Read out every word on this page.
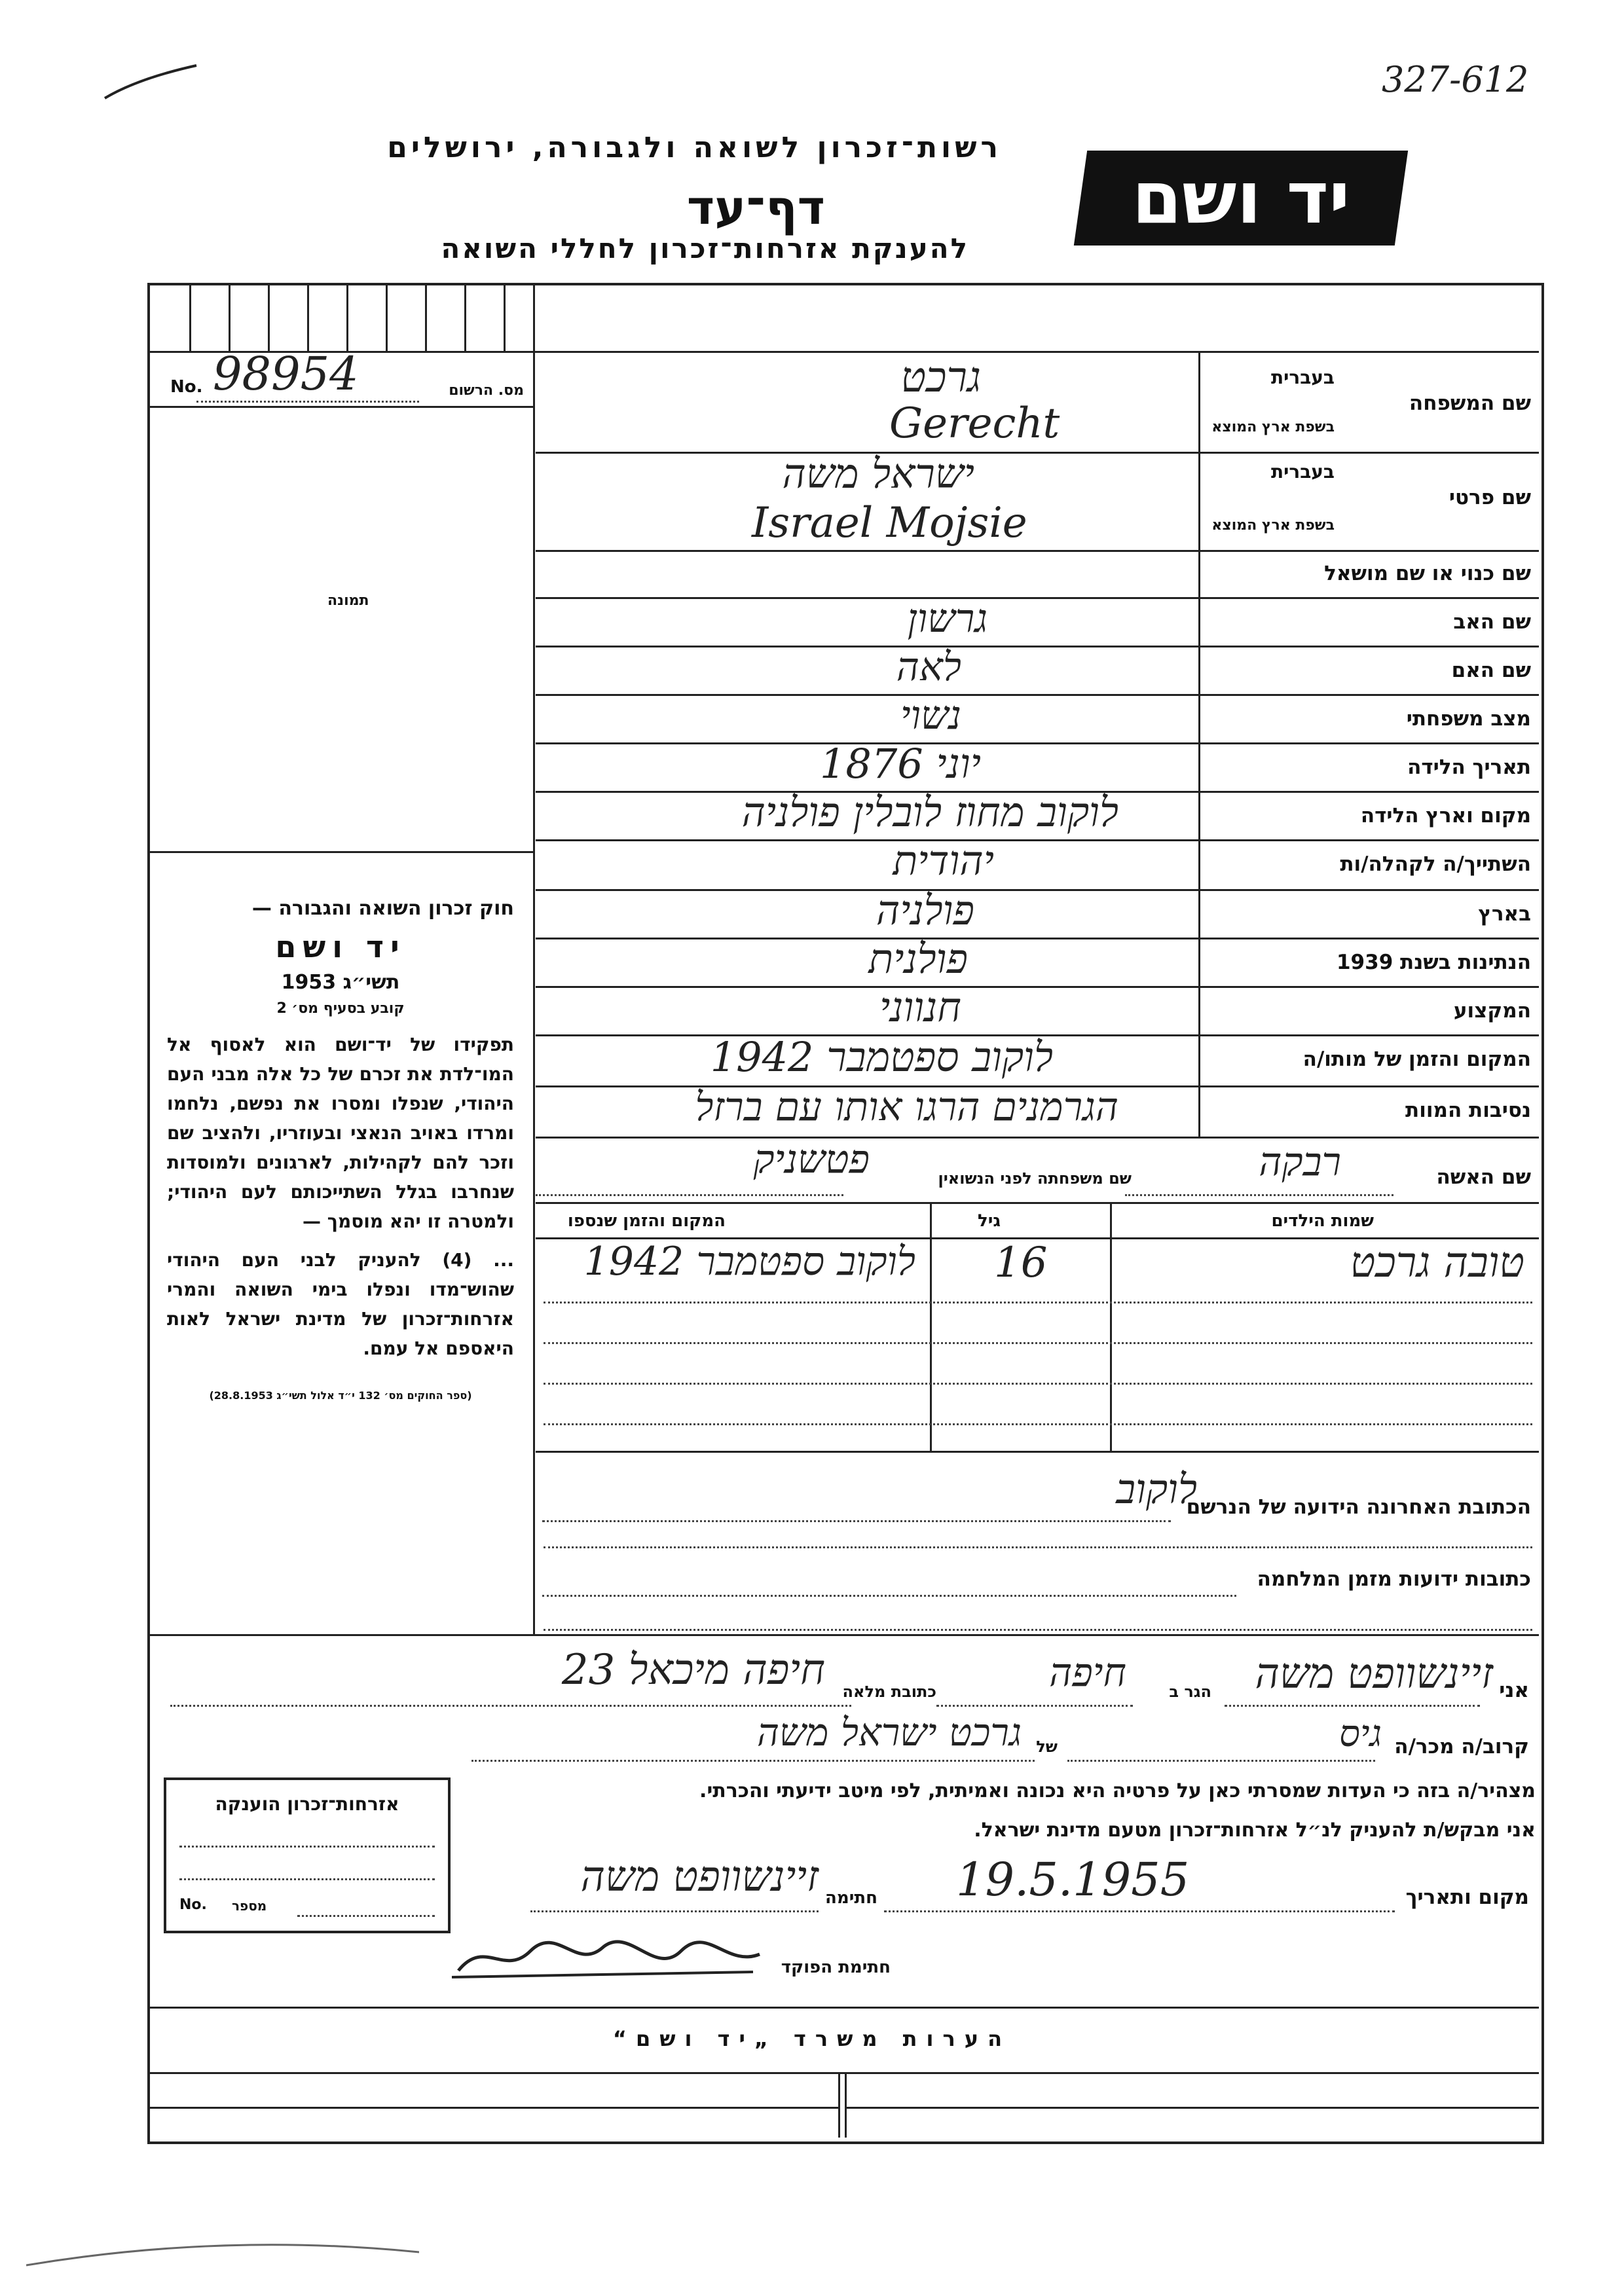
327-612
רשות־זכרון לשואה ולגבורה, ירושלים
דף־עד
להענקת אזרחות־זכרון לחללי השואה
יד ושם
No. 98954	מס. הרשום
תמונה
חוק זכרון השואה והגבורה —
יד ושם
תשי״ג 1953
קובע בסעיף מס׳ 2
תפקידו של יד־ושם הוא לאסוף אל המו־לדת את זכרם של כל אלה מבני העם היהודי, שנפלו ומסרו את נפשם, נלחמו ומרדו באויב הנאצי ובעוזריו, ולהציב שם וזכר להם לקהילות, לארגונים ולמוסדות שנחרבו בגלל השתייכותם לעם היהודי; ולמטרה זו יהא מוסמך —
... (4) להעניק לבני העם היהודי שהוש־מדו ונפלו בימי השואה והמרי אזרחות־זכרון של מדינת ישראל לאות היאספם אל עמם.
(ספר החוקים מס׳ 132 י״ד אלול תשי״ג 28.8.1953)
שם המשפחה
בעברית
בשפת ארץ המוצא
גרכט
Gerecht
שם פרטי
בעברית
בשפת ארץ המוצא
ישראל משה
Israel Mojsie
שם כנוי או שם מושאל
שם האב
גרשון
שם האם
לאה
מצב משפחתי
נשוי
תאריך הלידה
יוני 1876
מקום וארץ הלידה
לוקוב מחוז לובלין פולניה
השתייך/ה לקהלה/ות
יהודית
בארץ
פולניה
הנתינות בשנת 1939
פולנית
המקצוע
חנווני
המקום והזמן של מותו/ה
לוקוב ספטמבר 1942
נסיבות המוות
הגרמנים הרגו אותו עם ברזל
שם האשה
רבקה
שם משפחתה לפני הנשואין
פטשניק
שמות הילדים
גיל
המקום והזמן שנספו
טובה גרכט
16
לוקוב ספטמבר 1942
הכתובת האחרונה הידועה של הנרשם
לוקוב
כתובות ידועות מזמן המלחמה
אני
זיינשוופט משה
הגר ב
חיפה
כתובת מלאה
חיפה מיכאל 23
קרוב/ה מכר/ה
גיס
של
גרכט ישראל משה
מצהיר/ה בזה כי העדות שמסרתי כאן על פרטיה היא נכונה ואמיתית, לפי מיטב ידיעתי והכרתי.
אני מבקש/ת להעניק לנ״ל אזרחות־זכרון מטעם מדינת ישראל.
מקום ותאריך
19.5.1955
חתימה
זיינשוופט משה
חתימת הפוקד
אזרחות־זכרון הוענקה
No. מספר
הערות משרד „יד ושם“
